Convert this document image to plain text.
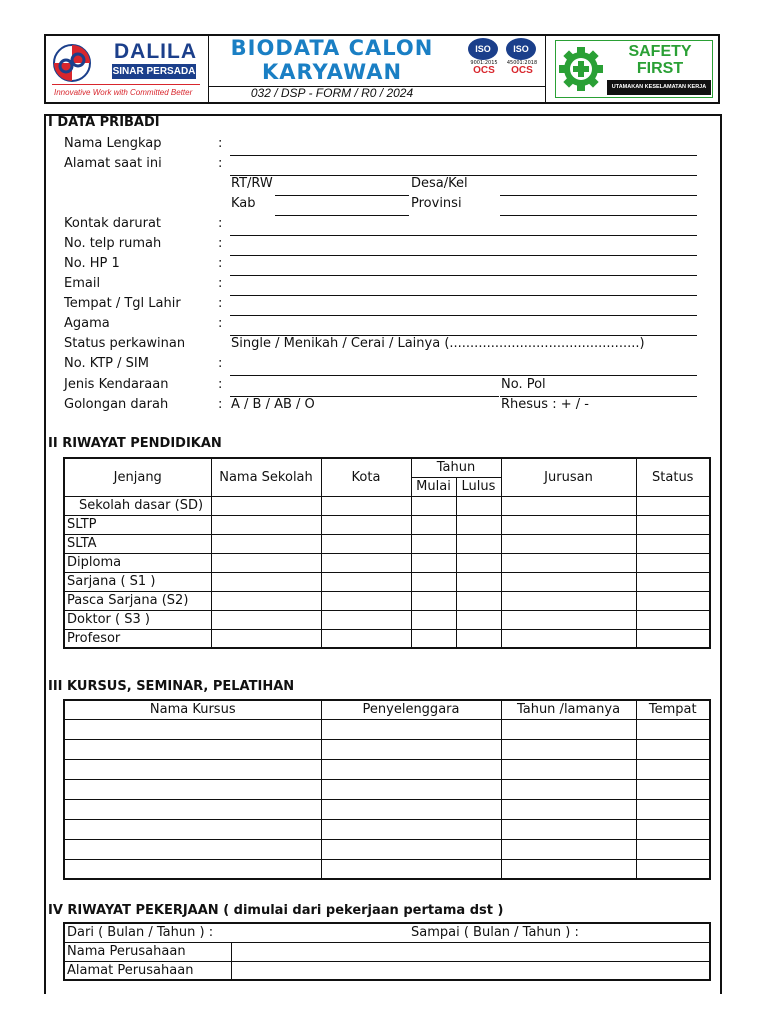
DALILA
SINAR PERSADA
Innovative Work with Committed Better
BIODATA CALON
KARYAWAN
032 / DSP - FORM / R0 / 2024
ISO
9001:2015
OCS
ISO
45001:2018
OCS
SAFETY
FIRST
UTAMAKAN KESELAMATAN KERJA
I DATA PRIBADI
Nama Lengkap	:
Alamat saat ini	:
RT/RW	Desa/Kel
Kab	Provinsi
Kontak darurat	:
No. telp rumah	:
No. HP 1	:
Email	:
Tempat / Tgl Lahir	:
Agama	:
Status perkawinan	Single / Menikah / Cerai / Lainya (..............................................)
No. KTP / SIM	:
Jenis Kendaraan	:	No. Pol
Golongan darah	: A / B / AB / O	Rhesus : + / -
II RIWAYAT PENDIDIKAN
Jenjang	Nama Sekolah	Kota	Tahun		Jurusan	Status
			Mulai	Lulus		
Sekolah dasar (SD)						
SLTP						
SLTA						
Diploma						
Sarjana ( S1 )						
Pasca Sarjana (S2)						
Doktor ( S3 )						
Profesor						
III KURSUS, SEMINAR, PELATIHAN
Nama Kursus	Penyelenggara	Tahun /lamanya	Tempat

IV RIWAYAT PEKERJAAN ( dimulai dari pekerjaan pertama dst )
Dari ( Bulan / Tahun ) : Sampai ( Bulan / Tahun ) :	

Nama Perusahaan	
Alamat Perusahaan	
